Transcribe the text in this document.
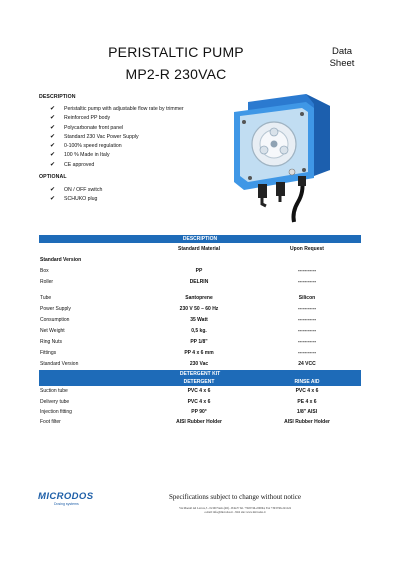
PERISTALTIC PUMP
MP2-R 230VAC
Data
Sheet
DESCRIPTION
✔	Peristaltic pump with adjustable flow rate by trimmer
✔	Reinforced PP body
✔	Polycarbonate front panel
✔	Standard 230 Vac Power Supply
✔	0-100% speed regulation
✔	100 % Made in Italy
✔	CE approved
OPTIONAL
✔	ON / OFF switch
✔	SCHUKO plug
DESCRIPTION
Standard Material	Upon Request
Standard Version
Box	PP	-----------
Roller	DELRIN	-----------
Tube	Santoprene	Silicon
Power Supply	230 V 50 – 60 Hz	-----------
Consumption	35 Watt	-----------
Net Weight	0,5 kg.	-----------
Ring Nuts	PP 1/8"	-----------
Fittings	PP 4 x 6 mm	-----------
Standard Version	230 Vac	24 VCC
DETERGENT KIT
DETERGENT	RINSE AID
Suction tube	PVC 4 x 6	PVC 4 x 6
Delivery tube	PVC 4 x 6	PE 4 x 6
Injection fitting	PP 90°	1/8" AISI
Foot filter	AISI Rubber Holder	AISI Rubber Holder
MICRODOS
Dosing systems
Specifications subject to change without notice
Via Maestri del Lavoro,5 - 02100 Vazia (RI) - ITALY Tel. +39/0746-229064, Fax +39/0746-221224
e-mail: info@microdos.it - Web site: www.microdos.it
